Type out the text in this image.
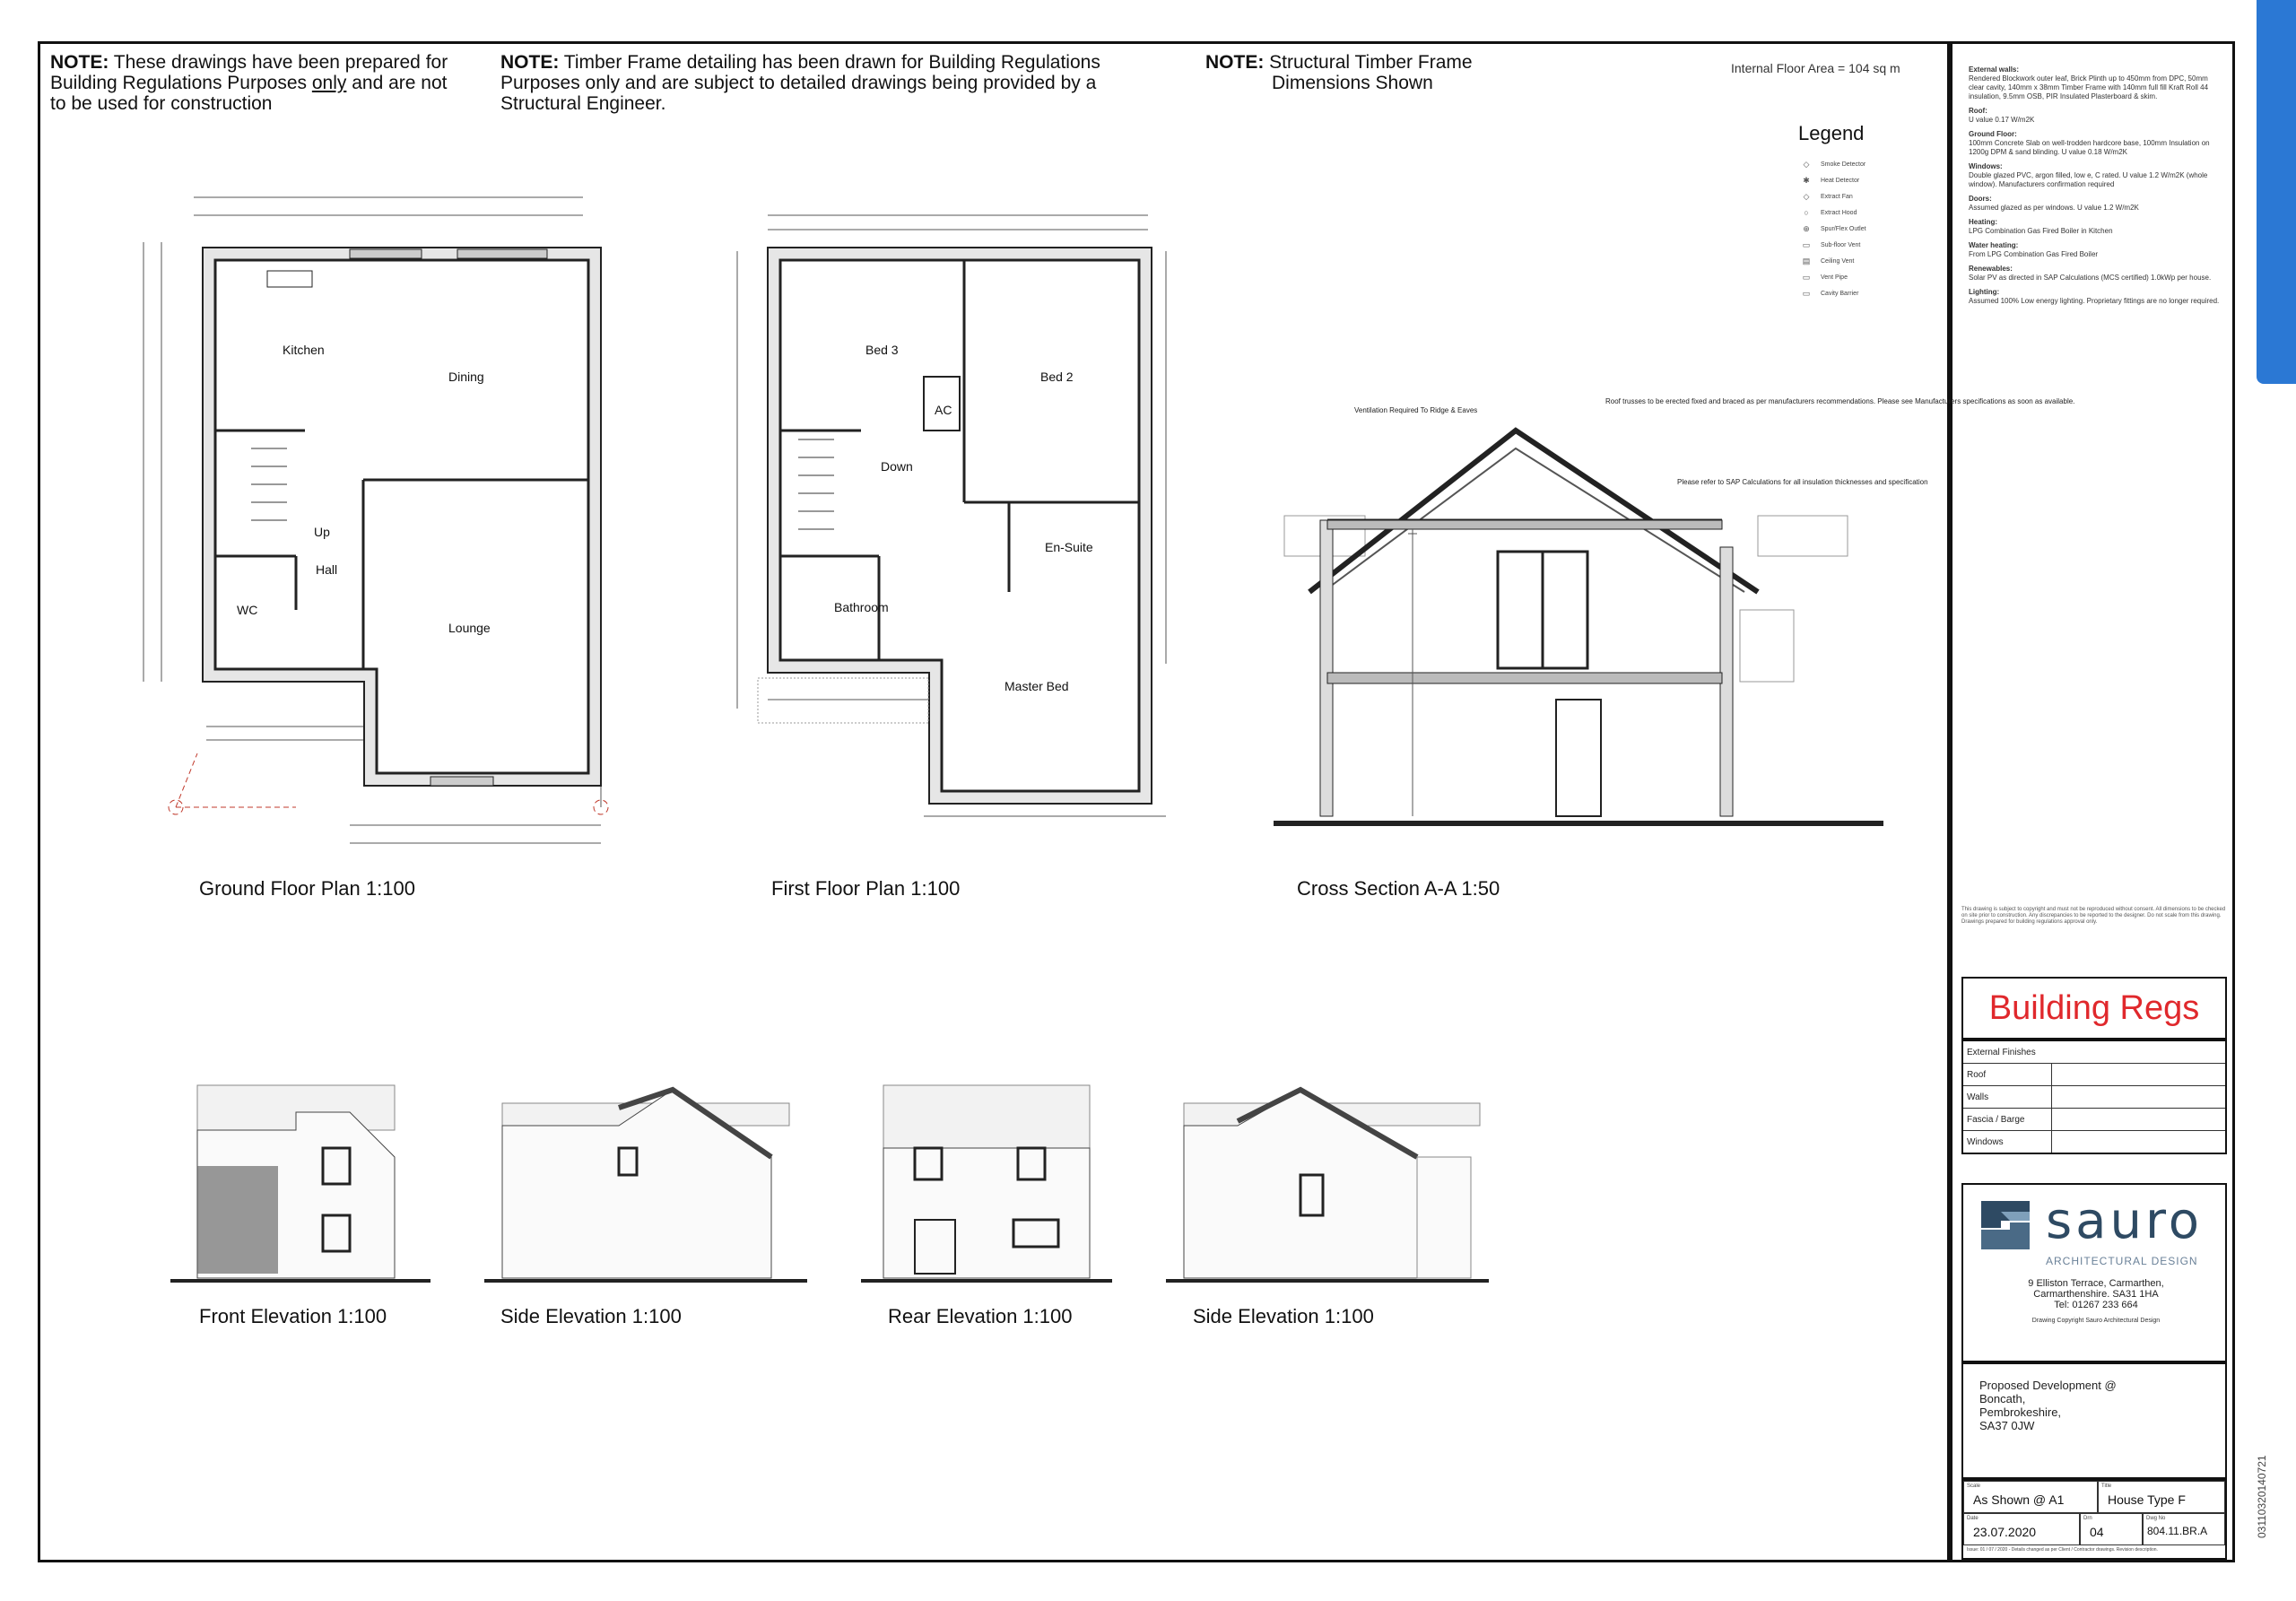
External walls:
Rendered Blockwork outer leaf, Brick Plinth up to 450mm from DPC, 50mm clear cavity, 140mm x 38mm Timber Frame with 140mm full fill Kraft Roll 44 insulation, 9.5mm OSB, PIR Insulated Plasterboard & skim.
Roof:
U value 0.17 W/m2K
Ground Floor:
100mm Concrete Slab on well-trodden hardcore base, 100mm Insulation on 1200g DPM & sand blinding. U value 0.18 W/m2K
Windows:
Double glazed PVC, argon filled, low e, C rated. U value 1.2 W/m2K (whole window). Manufacturers confirmation required
Doors:
Assumed glazed as per windows. U value 1.2 W/m2K
Heating:
LPG Combination Gas Fired Boiler in Kitchen
Water heating:
From LPG Combination Gas Fired Boiler
Renewables:
Solar PV as directed in SAP Calculations (MCS certified) 1.0kWp per house.
Lighting:
Assumed 100% Low energy lighting. Proprietary fittings are no longer required.
This drawing is subject to copyright and must not be reproduced without consent. All dimensions to be checked on site prior to construction. Any discrepancies to be reported to the designer. Do not scale from this drawing. Drawings prepared for building regulations approval only.
Building Regs
External Finishes	
Roof	
Walls	
Fascia / Barge	
Windows	
sauro
ARCHITECTURAL DESIGN
9 Elliston Terrace, Carmarthen,
Carmarthenshire. SA31 1HA
Tel: 01267 233 664
Drawing Copyright Sauro Architectural Design
Proposed Development @
Boncath,
Pembrokeshire,
SA37 0JW
Scale
As Shown @ A1
Title
House Type F
Date
23.07.2020
Drn
04
Dwg No
804.11.BR.A
Issue: 01 / 07 / 2020 - Details changed as per Client / Contractor drawings. Revision description.
NOTE: These drawings have been prepared for
Building Regulations Purposes only and are not
to be used for construction
NOTE: Timber Frame detailing has been drawn for Building Regulations
Purposes only and are subject to detailed drawings being provided by a
Structural Engineer.
NOTE: Structural Timber Frame
Dimensions Shown
Internal Floor Area = 104 sq m
Legend
◇	Smoke Detector
✱	Heat Detector
◇	Extract Fan
○	Extract Hood
⊕	Spur/Flex Outlet
▭ Sub-floor Vent
▤ Ceiling Vent
▭ Vent Pipe
▭ Cavity Barrier
Kitchen
Dining
Up
Hall
WC
Lounge
Ground Floor Plan 1:100
Bed 3
Bed 2
Down
AC
En-Suite
Bathroom
Master Bed
First Floor Plan 1:100
Ventilation Required To Ridge & Eaves
Roof trusses to be erected fixed and braced as per manufacturers recommendations. Please see Manufacturers specifications as soon as available.
Please refer to SAP Calculations for all insulation thicknesses and specification
Cross Section A-A 1:50
Front Elevation 1:100	Side Elevation 1:100	Rear Elevation 1:100	Side Elevation 1:100
03110320140721
